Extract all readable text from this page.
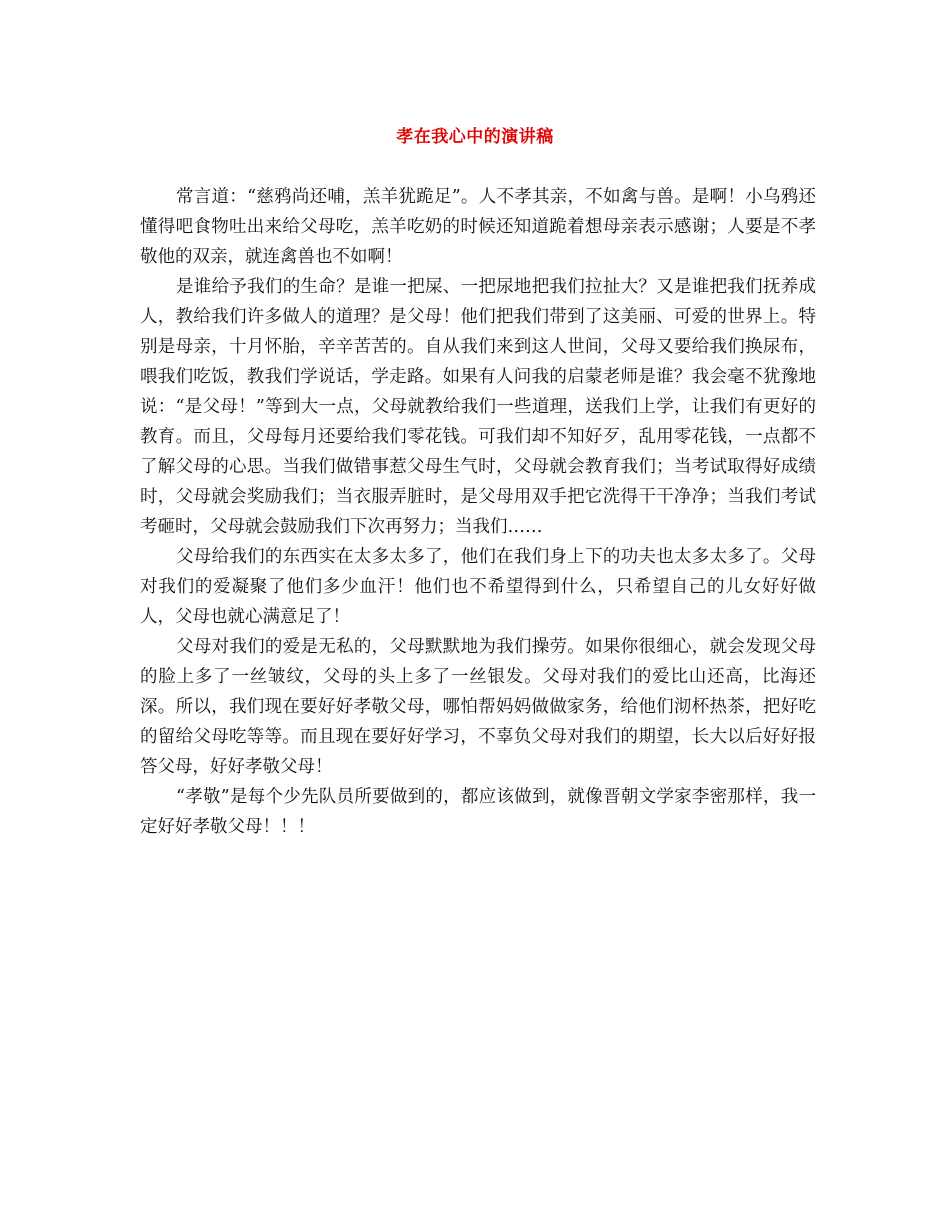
孝在我心中的演讲稿

常言道：“慈鸦尚还哺，羔羊犹跪足”。人不孝其亲，不如禽与兽。是啊！小乌鸦还懂得吧食物吐出来给父母吃，羔羊吃奶的时候还知道跪着想母亲表示感谢；人要是不孝敬他的双亲，就连禽兽也不如啊！

是谁给予我们的生命？是谁一把屎、一把尿地把我们拉扯大？又是谁把我们抚养成人，教给我们许多做人的道理？是父母！他们把我们带到了这美丽、可爱的世界上。特别是母亲，十月怀胎，辛辛苦苦的。自从我们来到这人世间，父母又要给我们换尿布，喂我们吃饭，教我们学说话，学走路。如果有人问我的启蒙老师是谁？我会毫不犹豫地说：“是父母！”等到大一点，父母就教给我们一些道理，送我们上学，让我们有更好的教育。而且，父母每月还要给我们零花钱。可我们却不知好歹，乱用零花钱，一点都不了解父母的心思。当我们做错事惹父母生气时，父母就会教育我们；当考试取得好成绩时，父母就会奖励我们；当衣服弄脏时，是父母用双手把它洗得干干净净；当我们考试考砸时，父母就会鼓励我们下次再努力；当我们……

父母给我们的东西实在太多太多了，他们在我们身上下的功夫也太多太多了。父母对我们的爱凝聚了他们多少血汗！他们也不希望得到什么，只希望自己的儿女好好做人，父母也就心满意足了！

父母对我们的爱是无私的，父母默默地为我们操劳。如果你很细心，就会发现父母的脸上多了一丝皱纹，父母的头上多了一丝银发。父母对我们的爱比山还高，比海还深。所以，我们现在要好好孝敬父母，哪怕帮妈妈做做家务，给他们沏杯热茶，把好吃的留给父母吃等等。而且现在要好好学习，不辜负父母对我们的期望，长大以后好好报答父母，好好孝敬父母！

“孝敬”是每个少先队员所要做到的，都应该做到，就像晋朝文学家李密那样，我一定好好孝敬父母！！！
